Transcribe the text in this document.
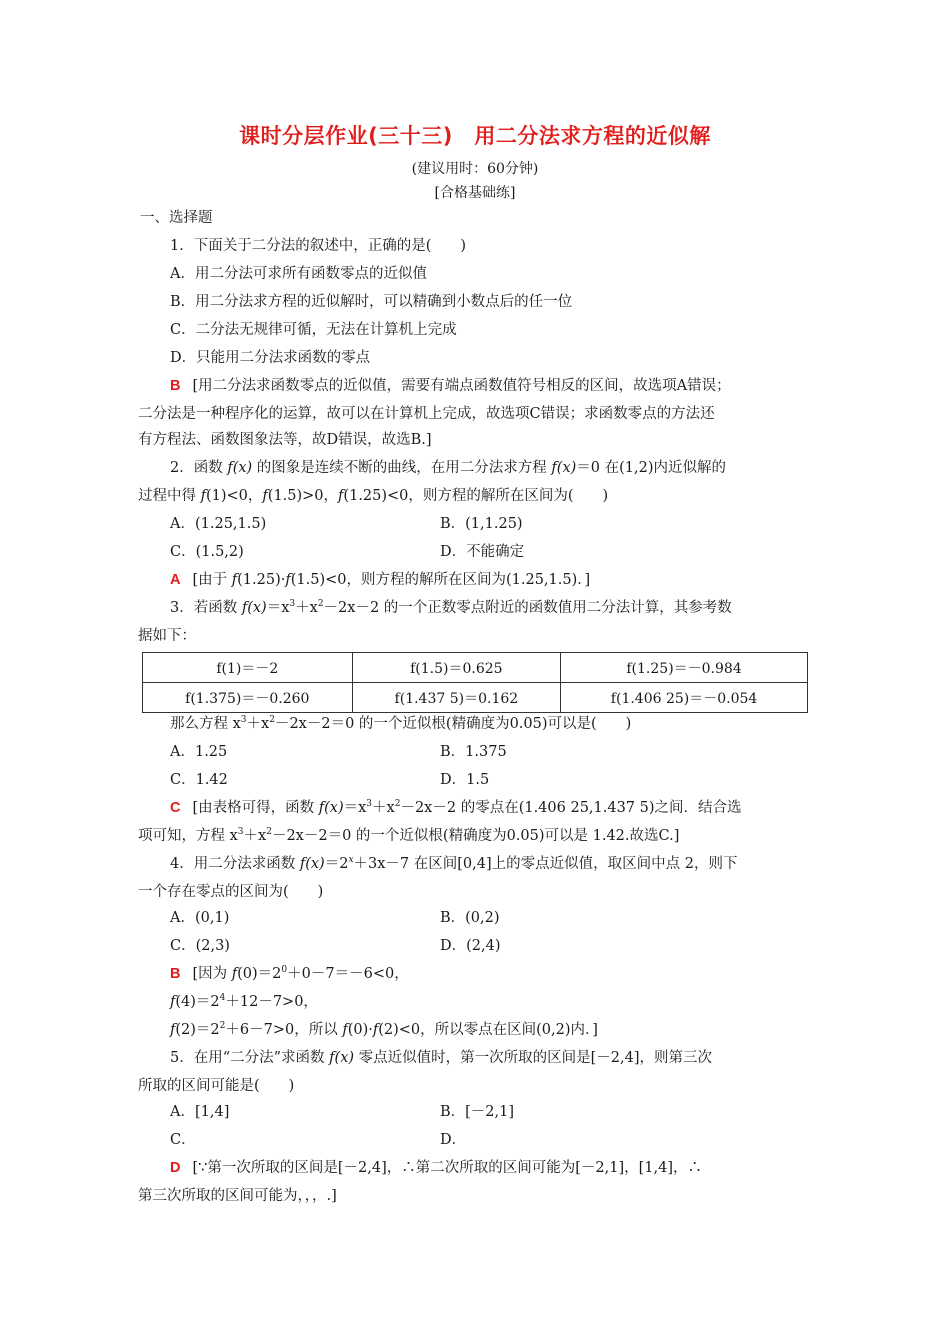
课时分层作业(三十三)　用二分法求方程的近似解
(建议用时：60分钟)
[合格基础练]
一、选择题
1．下面关于二分法的叙述中，正确的是(　　)
A．用二分法可求所有函数零点的近似值
B．用二分法求方程的近似解时，可以精确到小数点后的任一位
C．二分法无规律可循，无法在计算机上完成
D．只能用二分法求函数的零点
B [用二分法求函数零点的近似值，需要有端点函数值符号相反的区间，故选项A错误；
二分法是一种程序化的运算，故可以在计算机上完成，故选项C错误；求函数零点的方法还
有方程法、函数图象法等，故D错误，故选B.]
2．函数 f(x) 的图象是连续不断的曲线，在用二分法求方程 f(x)＝0 在(1,2)内近似解的
过程中得 f(1)<0，f(1.5)>0，f(1.25)<0，则方程的解所在区间为(　　)
A．(1.25,1.5)	B．(1,1.25)
C．(1.5,2)	D．不能确定
A [由于 f(1.25)·f(1.5)<0，则方程的解所在区间为(1.25,1.5)．]
3．若函数 $f(x)=x^3+x^2-2x-2$ 的一个正数零点附近的函数值用二分法计算，其参考数
据如下：
f(1)＝－2	f(1.5)＝0.625	f(1.25)＝－0.984
f(1.375)＝－0.260	f(1.437 5)＝0.162	f(1.406 25)＝－0.054
那么方程 $x^3+x^2-2x-2=0$ 的一个近似根(精确度为0.05)可以是(　　)
A．1.25	B．1.375
C．1.42	D．1.5
C [由表格可得，函数 $f(x)=x^3+x^2-2x-2$ 的零点在(1.406 25,1.437 5)之间．结合选
项可知，方程 $x^3+x^2-2x-2=0$ 的一个近似根(精确度为0.05)可以是 1.42.故选C.]
4．用二分法求函数 $f(x)=2^x+3x-7$ 在区间[0,4]上的零点近似值，取区间中点 2，则下
一个存在零点的区间为(　　)
A．(0,1)	B．(0,2)
C．(2,3)	D．(2,4)
B [因为 $f(0)=2^0+0-7=-6<0$，
$f(4)=2^4+12-7>0$，
$f(2)=2^2+6-7>0$，所以 f(0)·f(2)<0，所以零点在区间(0,2)内．]
5．在用“二分法”求函数 f(x) 零点近似值时，第一次所取的区间是[－2,4]，则第三次
所取的区间可能是(　　)
A．[1,4]	B．[－2,1]
C．	D．
D [∵第一次所取的区间是[－2,4]，∴第二次所取的区间可能为[－2,1]，[1,4]，∴
第三次所取的区间可能为，，，.]
